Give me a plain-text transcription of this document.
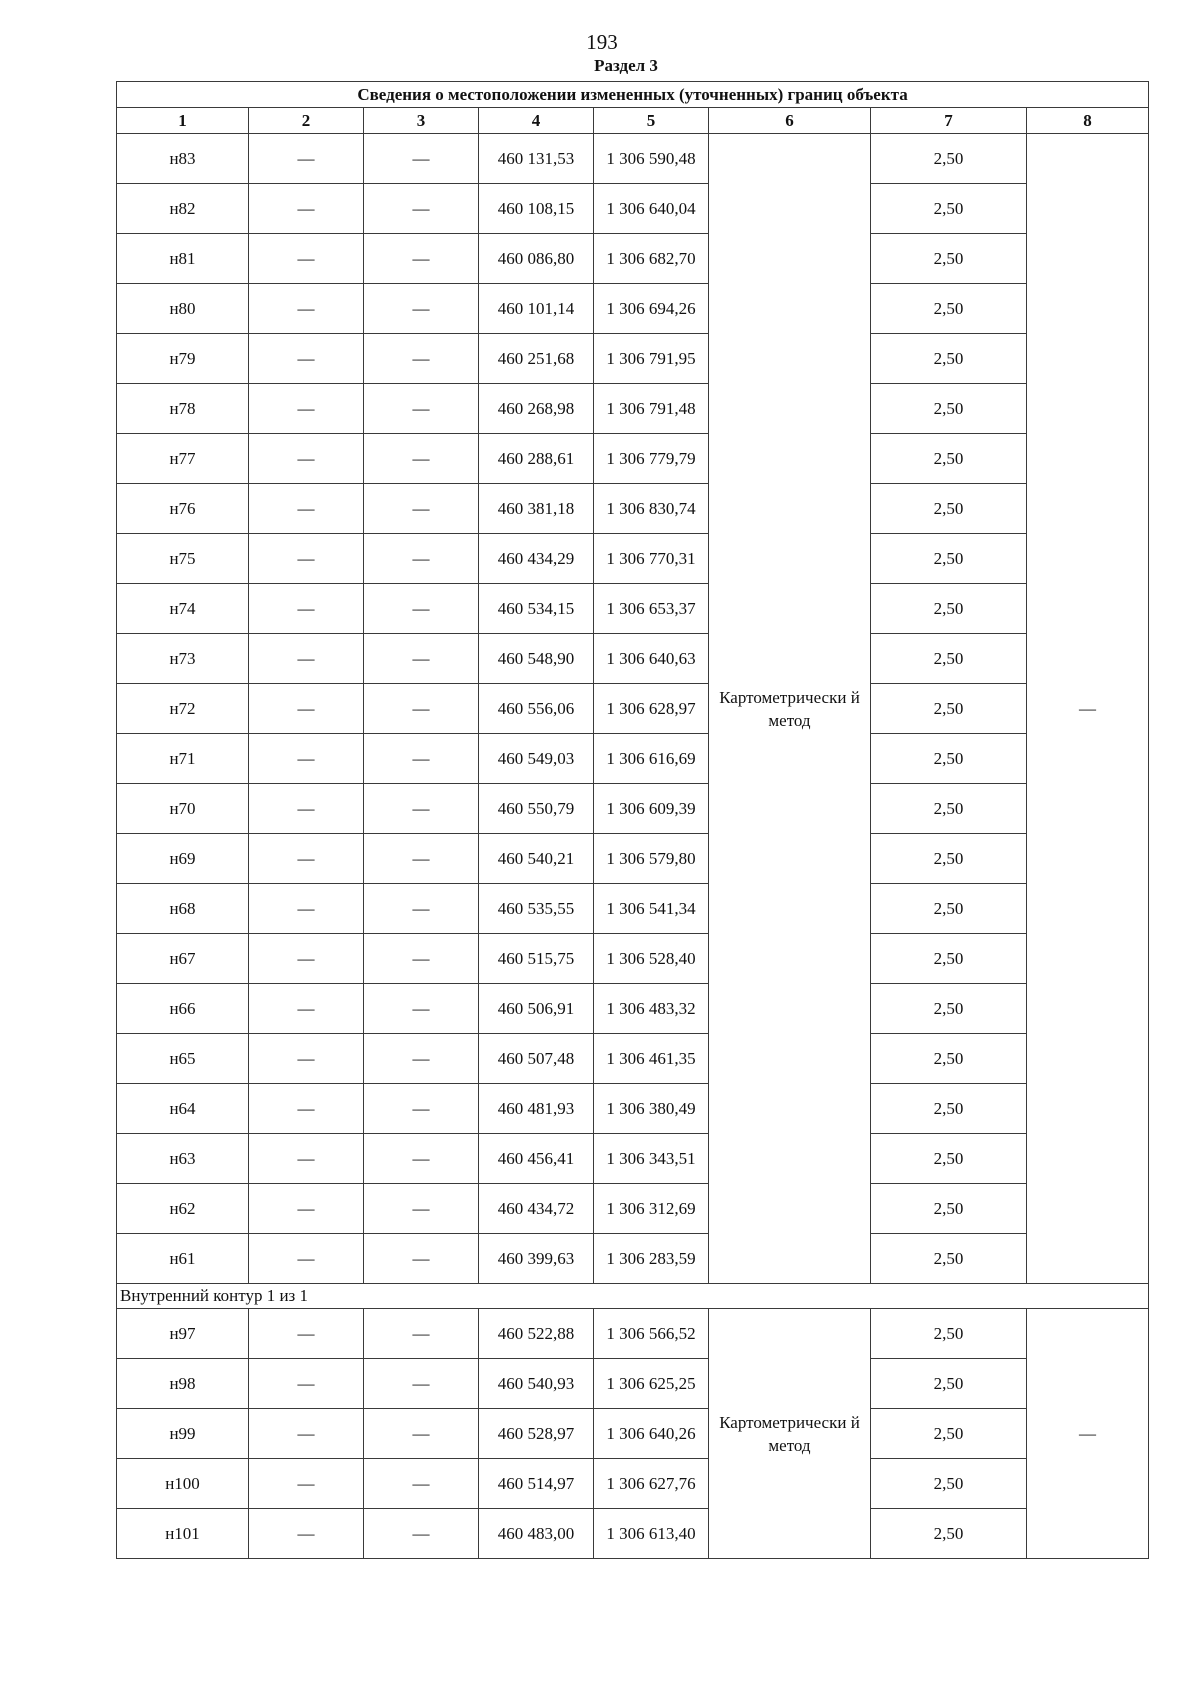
193
Раздел 3
Сведения о местоположении измененных (уточненных) границ объекта							
1	2	3	4	5	6	7	8
н83	—	—	460 131,53	1 306 590,48	Картометрически й метод	2,50	—
н82	—	—	460 108,15	1 306 640,04		2,50	
н81	—	—	460 086,80	1 306 682,70		2,50	
н80	—	—	460 101,14	1 306 694,26		2,50	
н79	—	—	460 251,68	1 306 791,95		2,50	
н78	—	—	460 268,98	1 306 791,48		2,50	
н77	—	—	460 288,61	1 306 779,79		2,50	
н76	—	—	460 381,18	1 306 830,74		2,50	
н75	—	—	460 434,29	1 306 770,31		2,50	
н74	—	—	460 534,15	1 306 653,37		2,50	
н73	—	—	460 548,90	1 306 640,63		2,50	
н72	—	—	460 556,06	1 306 628,97		2,50	
н71	—	—	460 549,03	1 306 616,69		2,50	
н70	—	—	460 550,79	1 306 609,39		2,50	
н69	—	—	460 540,21	1 306 579,80		2,50	
н68	—	—	460 535,55	1 306 541,34		2,50	
н67	—	—	460 515,75	1 306 528,40		2,50	
н66	—	—	460 506,91	1 306 483,32		2,50	
н65	—	—	460 507,48	1 306 461,35		2,50	
н64	—	—	460 481,93	1 306 380,49		2,50	
н63	—	—	460 456,41	1 306 343,51		2,50	
н62	—	—	460 434,72	1 306 312,69		2,50	
н61	—	—	460 399,63	1 306 283,59		2,50	
Внутренний контур 1 из 1							
н97	—	—	460 522,88	1 306 566,52	Картометрически й метод	2,50	—
н98	—	—	460 540,93	1 306 625,25		2,50	
н99	—	—	460 528,97	1 306 640,26		2,50	
н100	—	—	460 514,97	1 306 627,76		2,50	
н101	—	—	460 483,00	1 306 613,40		2,50	
